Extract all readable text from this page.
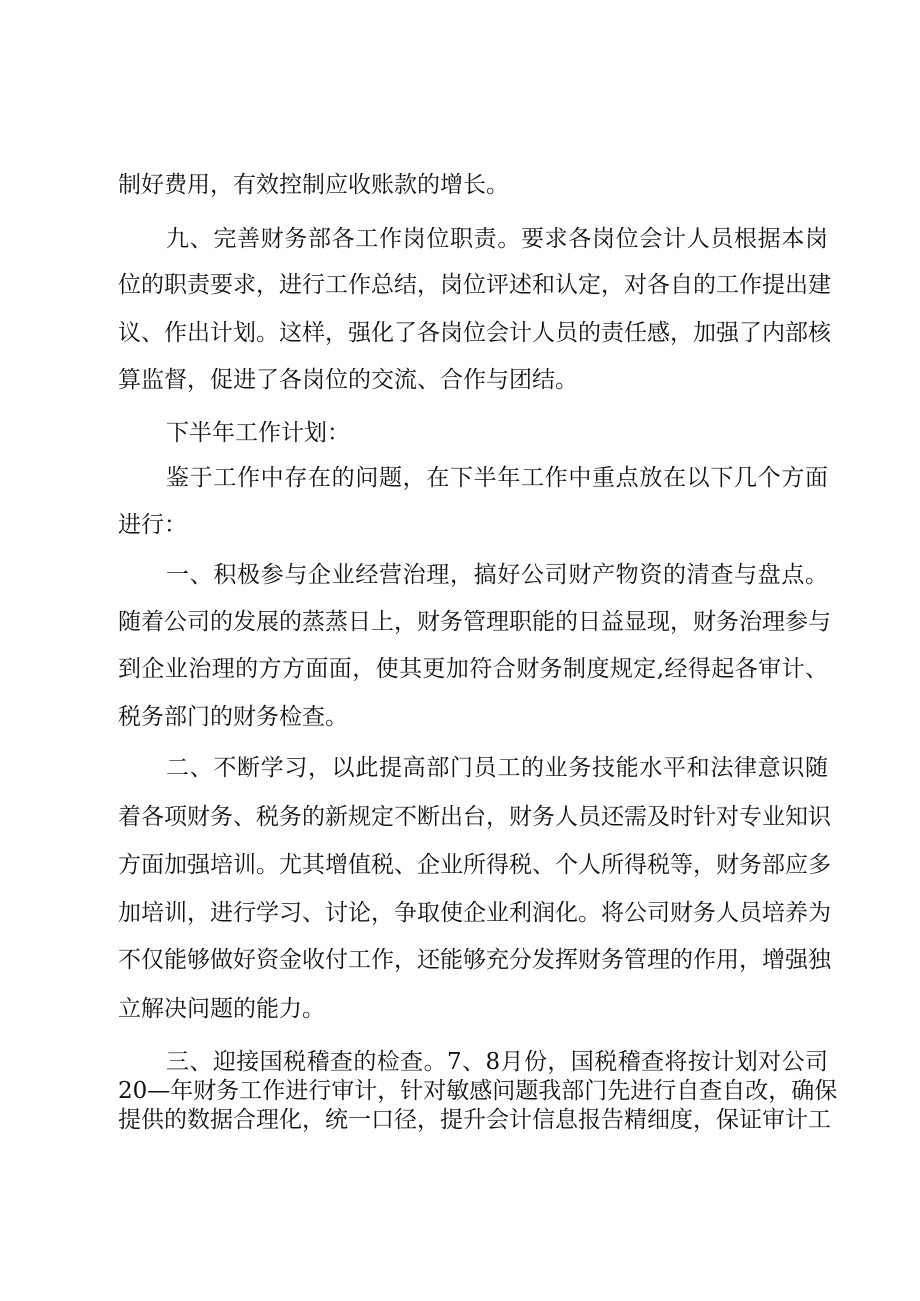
制好费用，有效控制应收账款的增长。

九、完善财务部各工作岗位职责。要求各岗位会计人员根据本岗

位的职责要求，进行工作总结，岗位评述和认定，对各自的工作提出建

议、作出计划。这样，强化了各岗位会计人员的责任感，加强了内部核

算监督，促进了各岗位的交流、合作与团结。

下半年工作计划：

鉴于工作中存在的问题，在下半年工作中重点放在以下几个方面

进行：

一、积极参与企业经营治理，搞好公司财产物资的清查与盘点。

随着公司的发展的蒸蒸日上，财务管理职能的日益显现，财务治理参与

到企业治理的方方面面，使其更加符合财务制度规定,经得起各审计、

税务部门的财务检查。

二、不断学习，以此提高部门员工的业务技能水平和法律意识随

着各项财务、税务的新规定不断出台，财务人员还需及时针对专业知识

方面加强培训。尤其增值税、企业所得税、个人所得税等，财务部应多

加培训，进行学习、讨论，争取使企业利润化。将公司财务人员培养为

不仅能够做好资金收付工作，还能够充分发挥财务管理的作用，增强独

立解决问题的能力。

三、迎接国税稽查的检查。7、8月份，国税稽查将按计划对公司

20—年财务工作进行审计，针对敏感问题我部门先进行自查自改，确保

提供的数据合理化，统一口径，提升会计信息报告精细度，保证审计工
